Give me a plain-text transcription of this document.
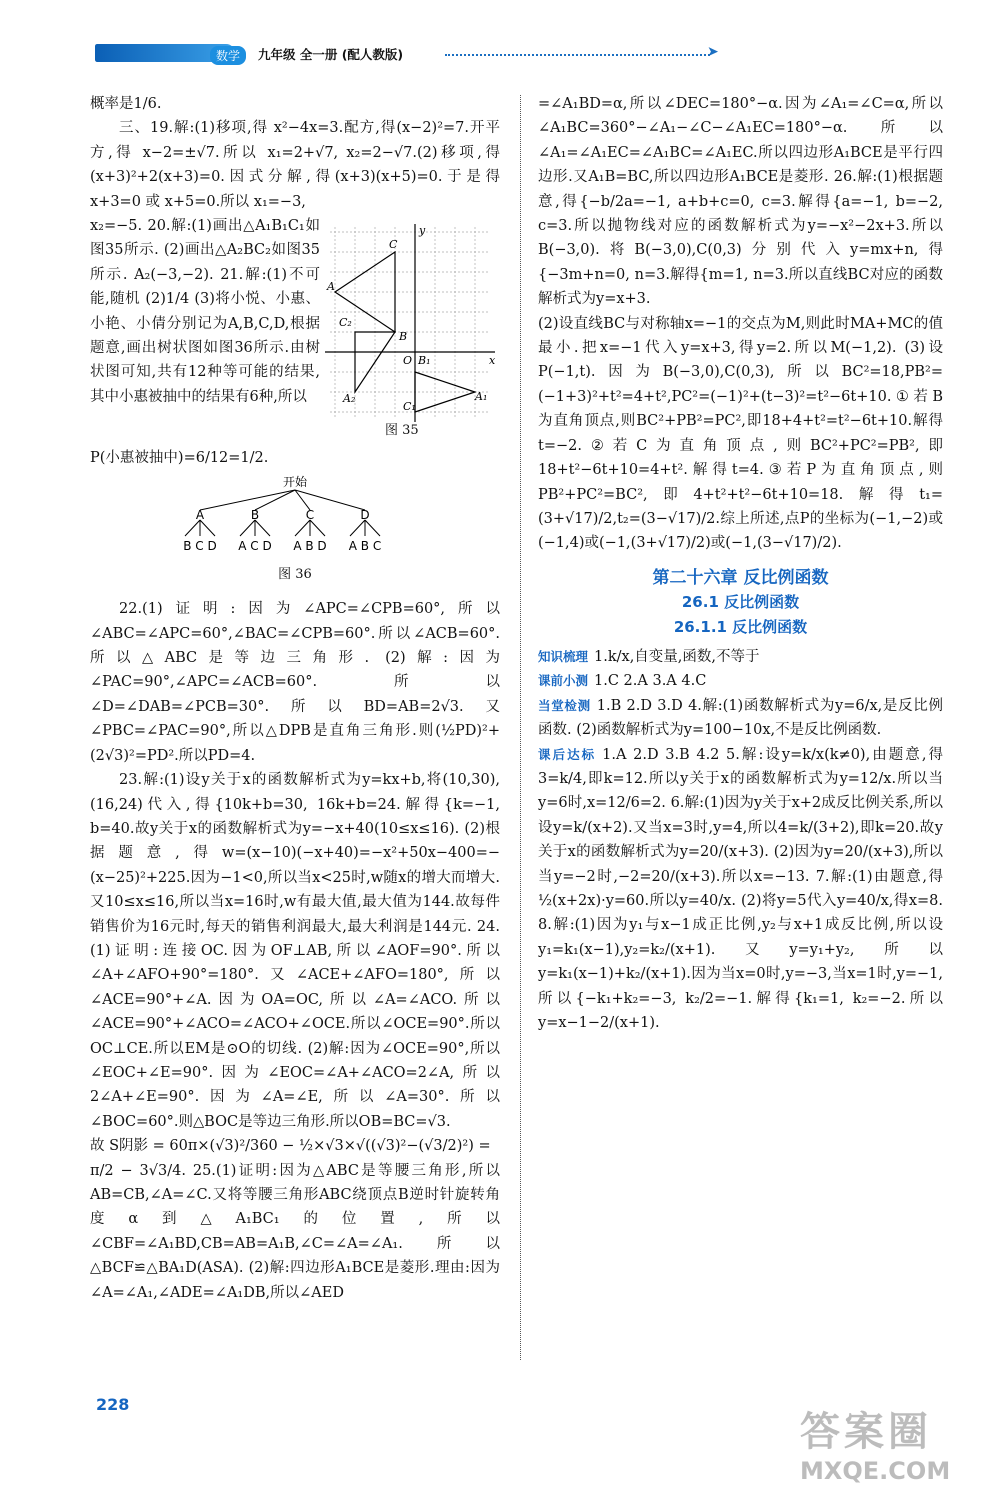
数学	九年级 全一册 (配人教版)	➤

概率是1/6.

三、19.解:(1)移项,得 x²−4x=3.配方,得(x−2)²=7.开平方,得 x−2=±√7.所以 x₁=2+√7, x₂=2−√7.(2)移项,得(x+3)²+2(x+3)=0.因式分解,得(x+3)(x+5)=0.于是得 x+3=0 或 x+5=0.所以 x₁=−3,

x₂=−5. 20.解:(1)画出△A₁B₁C₁如图35所示. (2)画出△A₂BC₂如图35所示. A₂(−3,−2). 21.解:(1)不可能,随机 (2)1/4 (3)将小悦、小惠、小艳、小倩分别记为A,B,C,D,根据题意,画出树状图如图36所示.由树状图可知,共有12种等可能的结果,其中小惠被抽中的结果有6种,所以

A
C
B
C₂
A₂
O B₁
C₁
A₁
y
x
图 35

P(小惠被抽中)=6/12=1/2.

开始
A	B	C	D
B C D A C D A B D A B C
图 36

22.(1)证明:因为∠APC=∠CPB=60°,所以∠ABC=∠APC=60°,∠BAC=∠CPB=60°.所以∠ACB=60°.所以△ABC是等边三角形. (2)解:因为∠PAC=90°,∠APC=∠ACB=60°.所以∠D=∠DAB=∠PCB=30°.所以BD=AB=2√3.又∠PBC=∠PAC=90°,所以△DPB是直角三角形.则(½PD)²+(2√3)²=PD².所以PD=4.

23.解:(1)设y关于x的函数解析式为y=kx+b,将(10,30),(16,24)代入,得{10k+b=30, 16k+b=24.解得{k=−1, b=40.故y关于x的函数解析式为y=−x+40(10≤x≤16). (2)根据题意,得w=(x−10)(−x+40)=−x²+50x−400=−(x−25)²+225.因为−1<0,所以当x<25时,w随x的增大而增大.又10≤x≤16,所以当x=16时,w有最大值,最大值为144.故每件销售价为16元时,每天的销售利润最大,最大利润是144元. 24.(1)证明:连接OC.因为OF⊥AB,所以∠AOF=90°.所以∠A+∠AFO+90°=180°.又∠ACE+∠AFO=180°,所以∠ACE=90°+∠A.因为OA=OC,所以∠A=∠ACO.所以∠ACE=90°+∠ACO=∠ACO+∠OCE.所以∠OCE=90°.所以OC⊥CE.所以EM是⊙O的切线. (2)解:因为∠OCE=90°,所以∠EOC+∠E=90°.因为∠EOC=∠A+∠ACO=2∠A,所以2∠A+∠E=90°.因为∠A=∠E,所以∠A=30°.所以∠BOC=60°.则△BOC是等边三角形.所以OB=BC=√3.

故 S阴影 = 60π×(√3)²/360 − ½×√3×√((√3)²−(√3/2)²) =

π/2 − 3√3/4. 25.(1)证明:因为△ABC是等腰三角形,所以AB=CB,∠A=∠C.又将等腰三角形ABC绕顶点B逆时针旋转角度α到△A₁BC₁的位置,所以∠CBF=∠A₁BD,CB=AB=A₁B,∠C=∠A=∠A₁.所以△BCF≌△BA₁D(ASA). (2)解:四边形A₁BCE是菱形.理由:因为∠A=∠A₁,∠ADE=∠A₁DB,所以∠AED

=∠A₁BD=α,所以∠DEC=180°−α.因为∠A₁=∠C=α,所以∠A₁BC=360°−∠A₁−∠C−∠A₁EC=180°−α.所以∠A₁=∠A₁EC=∠A₁BC=∠A₁EC.所以四边形A₁BCE是平行四边形.又A₁B=BC,所以四边形A₁BCE是菱形. 26.解:(1)根据题意,得{−b/2a=−1, a+b+c=0, c=3.解得{a=−1, b=−2, c=3.所以抛物线对应的函数解析式为y=−x²−2x+3.所以B(−3,0).将B(−3,0),C(0,3)分别代入y=mx+n,得{−3m+n=0, n=3.解得{m=1, n=3.所以直线BC对应的函数解析式为y=x+3.

(2)设直线BC与对称轴x=−1的交点为M,则此时MA+MC的值最小.把x=−1代入y=x+3,得y=2.所以M(−1,2). (3)设P(−1,t).因为B(−3,0),C(0,3),所以BC²=18,PB²=(−1+3)²+t²=4+t²,PC²=(−1)²+(t−3)²=t²−6t+10.①若B为直角顶点,则BC²+PB²=PC²,即18+4+t²=t²−6t+10.解得t=−2.②若C为直角顶点,则BC²+PC²=PB²,即18+t²−6t+10=4+t².解得t=4.③若P为直角顶点,则PB²+PC²=BC²,即4+t²+t²−6t+10=18.解得t₁=(3+√17)/2,t₂=(3−√17)/2.综上所述,点P的坐标为(−1,−2)或(−1,4)或(−1,(3+√17)/2)或(−1,(3−√17)/2).

第二十六章 反比例函数
26.1 反比例函数
26.1.1 反比例函数

知识梳理 1.k/x,自变量,函数,不等于

课前小测 1.C 2.A 3.A 4.C

当堂检测 1.B 2.D 3.D 4.解:(1)函数解析式为y=6/x,是反比例函数. (2)函数解析式为y=100−10x,不是反比例函数.

课后达标 1.A 2.D 3.B 4.2 5.解:设y=k/x(k≠0),由题意,得3=k/4,即k=12.所以y关于x的函数解析式为y=12/x.所以当y=6时,x=12/6=2. 6.解:(1)因为y关于x+2成反比例关系,所以设y=k/(x+2).又当x=3时,y=4,所以4=k/(3+2),即k=20.故y关于x的函数解析式为y=20/(x+3). (2)因为y=20/(x+3),所以当y=−2时,−2=20/(x+3).所以x=−13. 7.解:(1)由题意,得½(x+2x)·y=60.所以y=40/x. (2)将y=5代入y=40/x,得x=8. 8.解:(1)因为y₁与x−1成正比例,y₂与x+1成反比例,所以设y₁=k₁(x−1),y₂=k₂/(x+1).又y=y₁+y₂,所以y=k₁(x−1)+k₂/(x+1).因为当x=0时,y=−3,当x=1时,y=−1,所以{−k₁+k₂=−3, k₂/2=−1.解得{k₁=1, k₂=−2.所以y=x−1−2/(x+1).

228
答案圈
MXQE.COM
